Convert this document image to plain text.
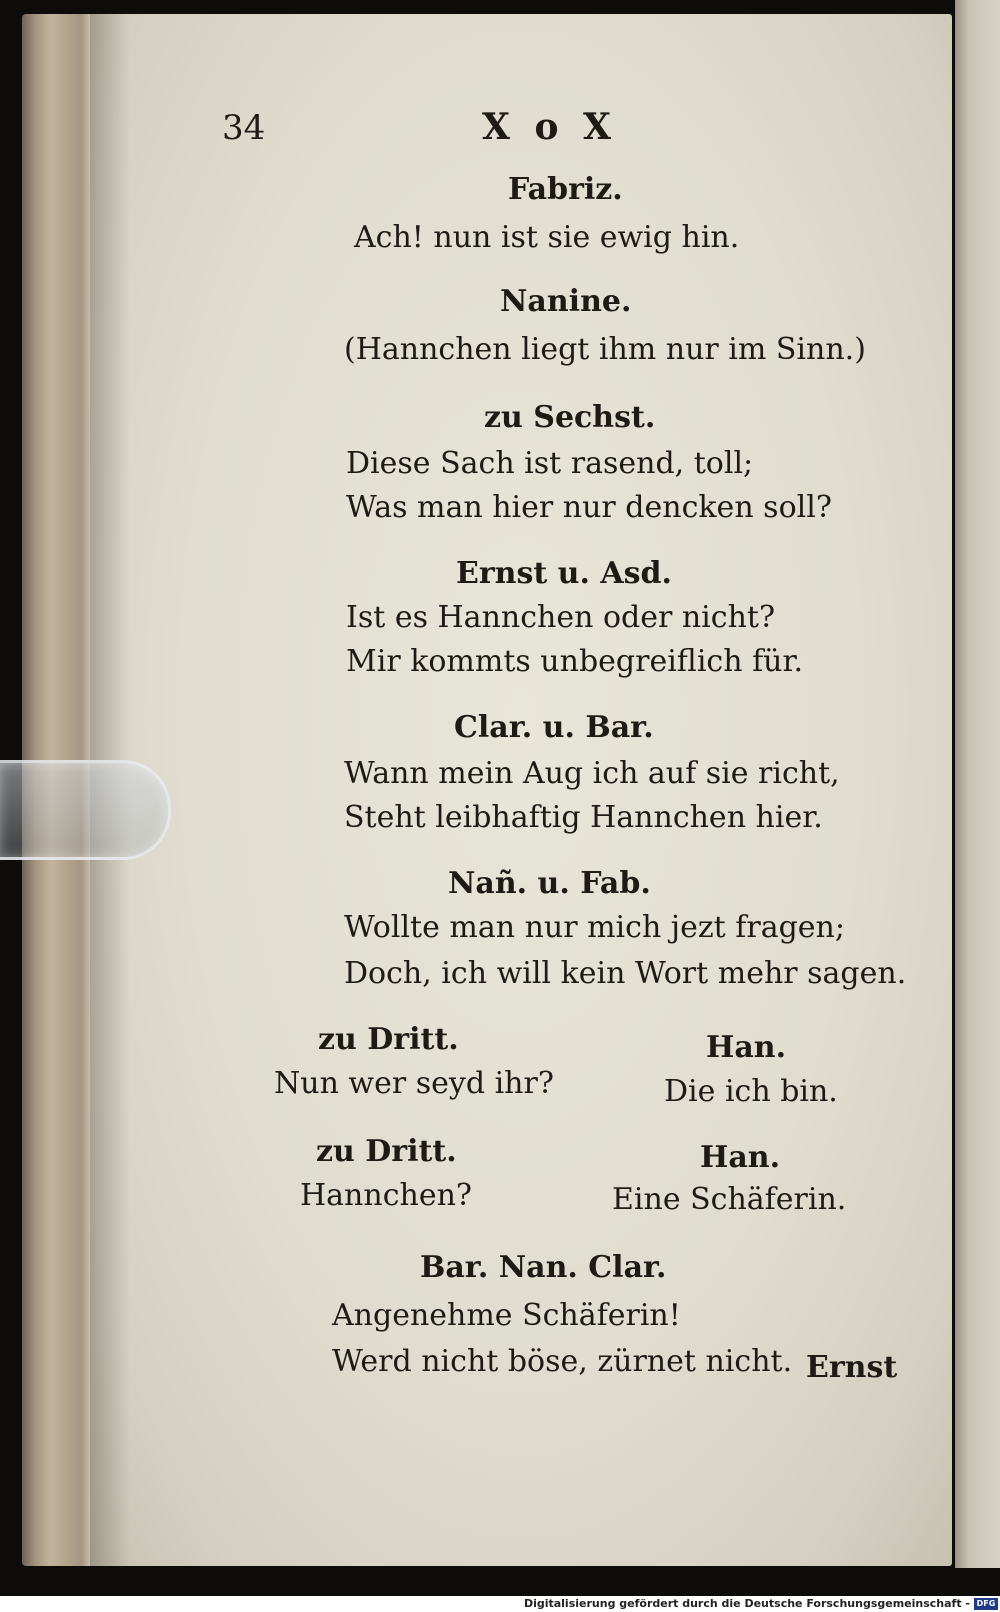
34	X o X

Fabriz.

Ach! nun ist sie ewig hin.

Nanine.

(Hannchen liegt ihm nur im Sinn.)

zu Sechst.

Diese Sach ist rasend, toll;

Was man hier nur dencken soll?

Ernst u. Asd.

Ist es Hannchen oder nicht?

Mir kommts unbegreiflich für.

Clar. u. Bar.

Wann mein Aug ich auf sie richt,

Steht leibhaftig Hannchen hier.

Nañ. u. Fab.

Wollte man nur mich jezt fragen;

Doch, ich will kein Wort mehr sagen.

zu Dritt.

Nun wer seyd ihr?

Han.

Die ich bin.

zu Dritt.

Hannchen?

Han.

Eine Schäferin.

Bar. Nan. Clar.

Angenehme Schäferin!

Werd nicht böse, zürnet nicht. Ernst

Digitalisierung gefördert durch die Deutsche Forschungsgemeinschaft - DFG
